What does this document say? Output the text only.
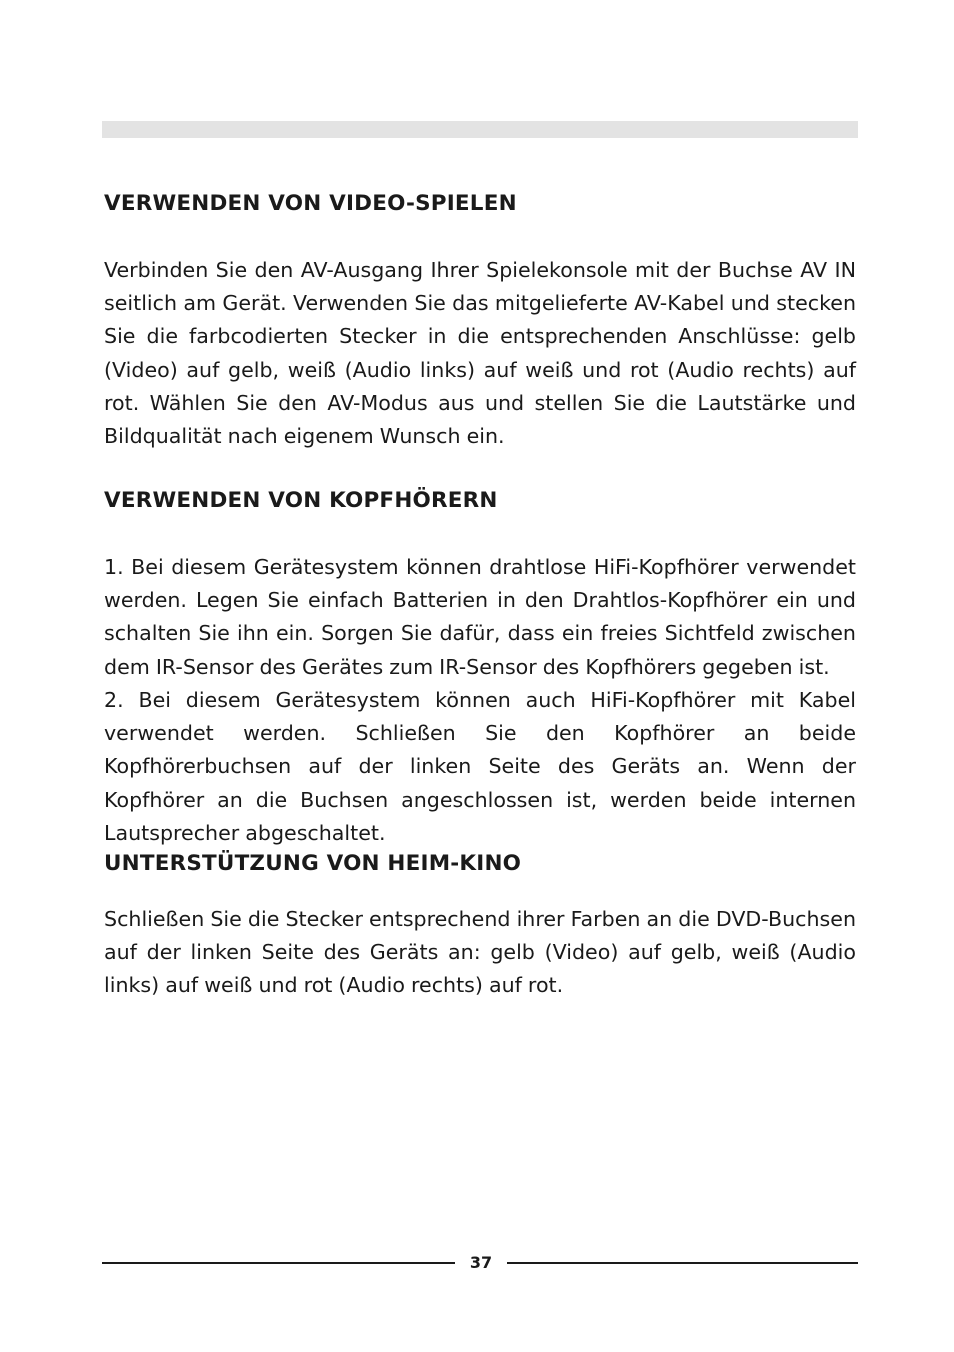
VERWENDEN VON VIDEO-SPIELEN

Verbinden Sie den AV-Ausgang Ihrer Spielekonsole mit der Buchse AV IN seitlich am Gerät. Verwenden Sie das mitgelieferte AV-Kabel und stecken Sie die farbcodierten Stecker in die entsprechenden Anschlüsse: gelb (Video) auf gelb, weiß (Audio links) auf weiß und rot (Audio rechts) auf rot. Wählen Sie den AV-Modus aus und stellen Sie die Lautstärke und Bildqualität nach eigenem Wunsch ein.

VERWENDEN VON KOPFHÖRERN

1. Bei diesem Gerätesystem können drahtlose HiFi-Kopfhörer verwendet werden. Legen Sie einfach Batterien in den Drahtlos-Kopfhörer ein und schalten Sie ihn ein. Sorgen Sie dafür, dass ein freies Sichtfeld zwischen dem IR-Sensor des Gerätes zum IR-Sensor des Kopfhörers gegeben ist.

2. Bei diesem Gerätesystem können auch HiFi-Kopfhörer mit Kabel verwendet werden. Schließen Sie den Kopfhörer an beide Kopfhörerbuchsen auf der linken Seite des Geräts an. Wenn der Kopfhörer an die Buchsen angeschlossen ist, werden beide internen Lautsprecher abgeschaltet.

UNTERSTÜTZUNG VON HEIM-KINO

Schließen Sie die Stecker entsprechend ihrer Farben an die DVD-Buchsen auf der linken Seite des Geräts an: gelb (Video) auf gelb, weiß (Audio links) auf weiß und rot (Audio rechts) auf rot.

37
